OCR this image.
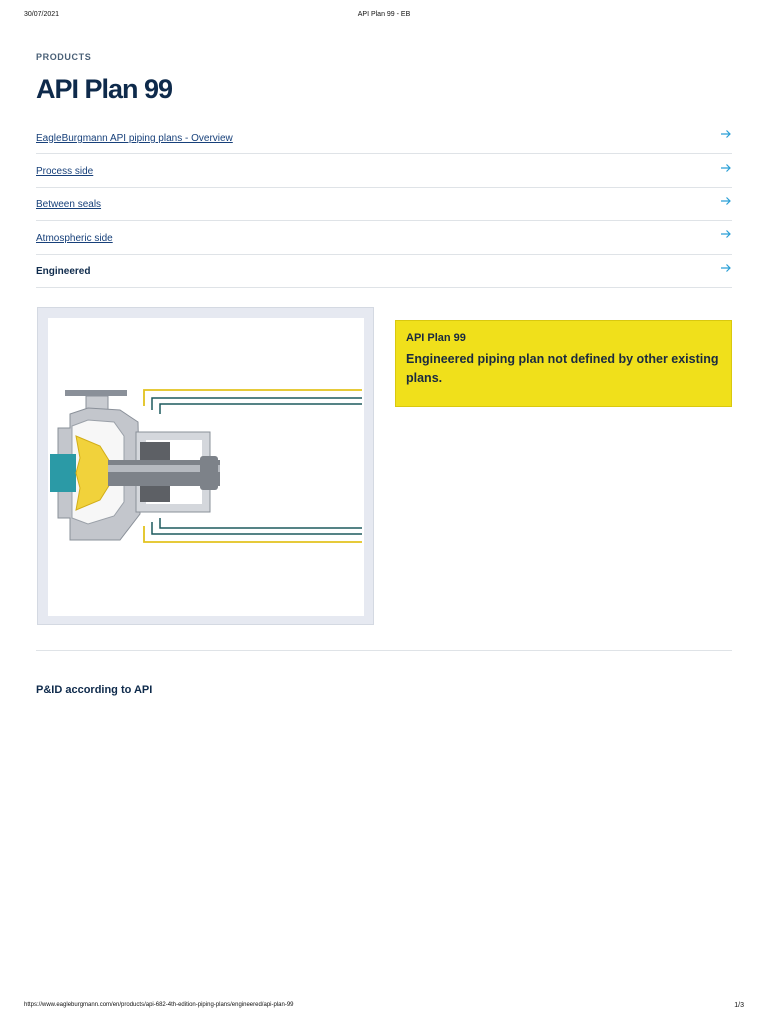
30/07/2021	API Plan 99 - EB
PRODUCTS
API Plan 99
EagleBurgmann API piping plans - Overview
Process side
Between seals
Atmospheric side
Engineered
API Plan 99
Engineered piping plan not defined by other existing plans.
P&ID according to API
https://www.eagleburgmann.com/en/products/api-682-4th-edition-piping-plans/engineered/api-plan-99	1/3
